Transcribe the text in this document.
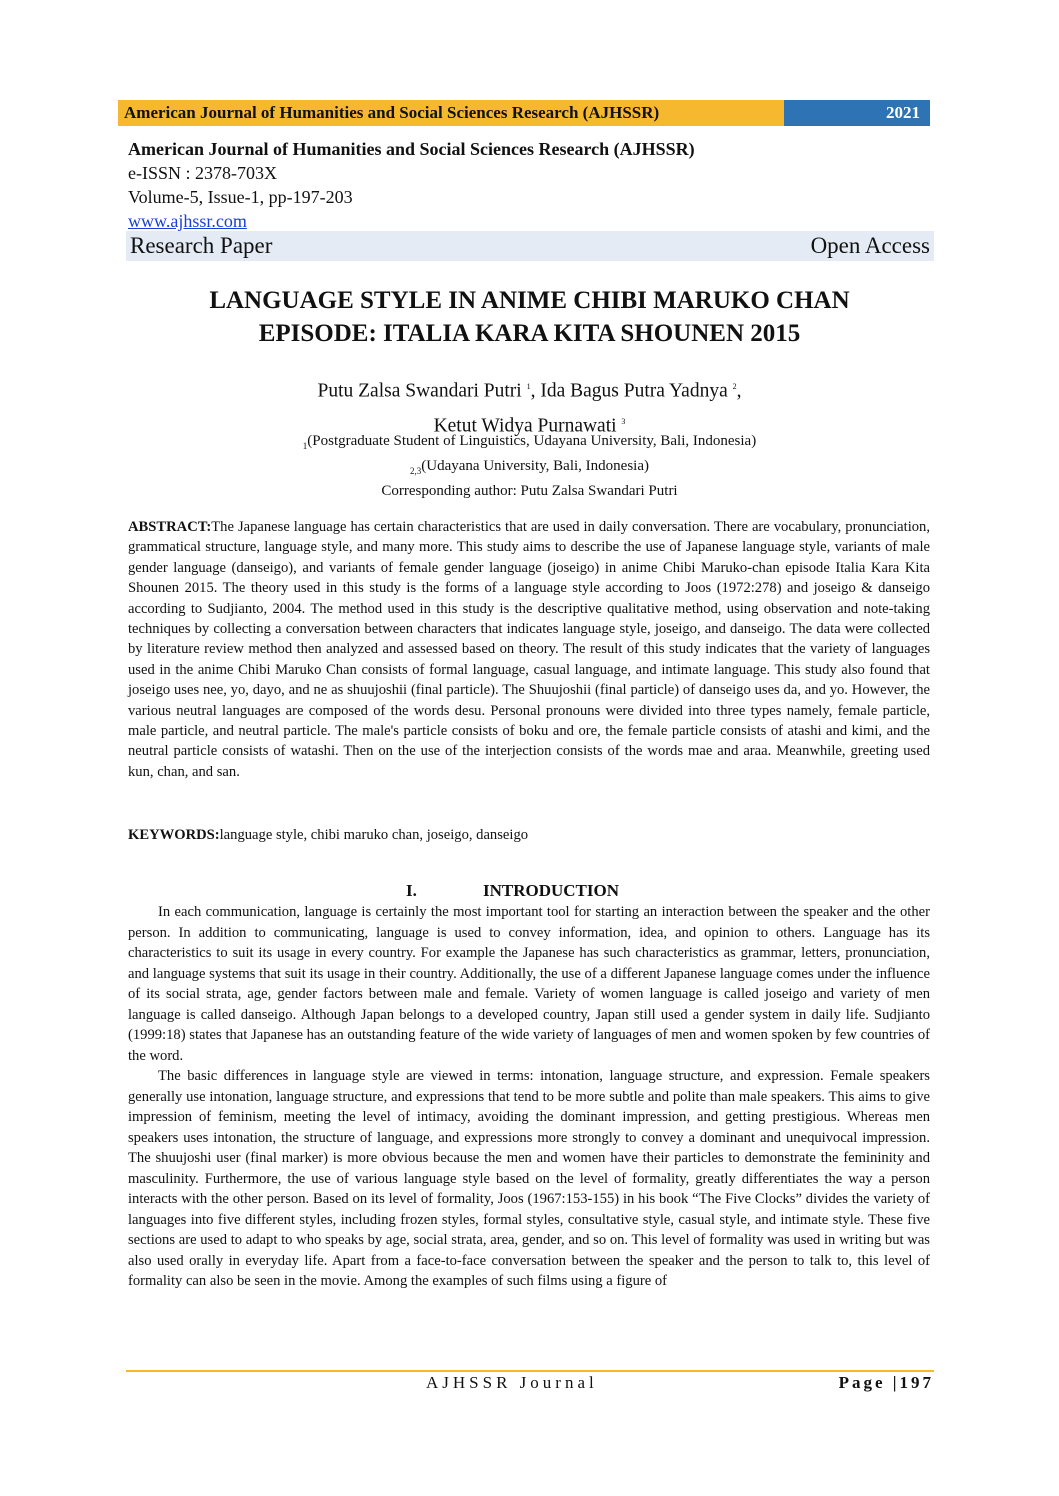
American Journal of Humanities and Social Sciences Research (AJHSSR)	2021
American Journal of Humanities and Social Sciences Research (AJHSSR)
e-ISSN : 2378-703X
Volume-5, Issue-1, pp-197-203
www.ajhssr.com
Research Paper	Open Access
LANGUAGE STYLE IN ANIME CHIBI MARUKO CHAN
EPISODE: ITALIA KARA KITA SHOUNEN 2015
Putu Zalsa Swandari Putri $^1$, Ida Bagus Putra Yadnya $^2$,
Ketut Widya Purnawati $^3$
$_1$(Postgraduate Student of Linguistics, Udayana University, Bali, Indonesia)
$_{2,3}$(Udayana University, Bali, Indonesia)
Corresponding author: Putu Zalsa Swandari Putri
ABSTRACT:The Japanese language has certain characteristics that are used in daily conversation. There are vocabulary, pronunciation, grammatical structure, language style, and many more. This study aims to describe the use of Japanese language style, variants of male gender language (danseigo), and variants of female gender language (joseigo) in anime Chibi Maruko-chan episode Italia Kara Kita Shounen 2015. The theory used in this study is the forms of a language style according to Joos (1972:278) and joseigo & danseigo according to Sudjianto, 2004. The method used in this study is the descriptive qualitative method, using observation and note-taking techniques by collecting a conversation between characters that indicates language style, joseigo, and danseigo. The data were collected by literature review method then analyzed and assessed based on theory. The result of this study indicates that the variety of languages used in the anime Chibi Maruko Chan consists of formal language, casual language, and intimate language. This study also found that joseigo uses nee, yo, dayo, and ne as shuujoshii (final particle). The Shuujoshii (final particle) of danseigo uses da, and yo. However, the various neutral languages are composed of the words desu. Personal pronouns were divided into three types namely, female particle, male particle, and neutral particle. The male's particle consists of boku and ore, the female particle consists of atashi and kimi, and the neutral particle consists of watashi. Then on the use of the interjection consists of the words mae and araa. Meanwhile, greeting used kun, chan, and san.
KEYWORDS:language style, chibi maruko chan, joseigo, danseigo
I.	INTRODUCTION

In each communication, language is certainly the most important tool for starting an interaction between the speaker and the other person. In addition to communicating, language is used to convey information, idea, and opinion to others. Language has its characteristics to suit its usage in every country. For example the Japanese has such characteristics as grammar, letters, pronunciation, and language systems that suit its usage in their country. Additionally, the use of a different Japanese language comes under the influence of its social strata, age, gender factors between male and female. Variety of women language is called joseigo and variety of men language is called danseigo. Although Japan belongs to a developed country, Japan still used a gender system in daily life. Sudjianto (1999:18) states that Japanese has an outstanding feature of the wide variety of languages of men and women spoken by few countries of the word.

The basic differences in language style are viewed in terms: intonation, language structure, and expression. Female speakers generally use intonation, language structure, and expressions that tend to be more subtle and polite than male speakers. This aims to give impression of feminism, meeting the level of intimacy, avoiding the dominant impression, and getting prestigious. Whereas men speakers uses intonation, the structure of language, and expressions more strongly to convey a dominant and unequivocal impression. The shuujoshi user (final marker) is more obvious because the men and women have their particles to demonstrate the femininity and masculinity. Furthermore, the use of various language style based on the level of formality, greatly differentiates the way a person interacts with the other person. Based on its level of formality, Joos (1967:153-155) in his book “The Five Clocks” divides the variety of languages into five different styles, including frozen styles, formal styles, consultative style, casual style, and intimate style. These five sections are used to adapt to who speaks by age, social strata, area, gender, and so on. This level of formality was used in writing but was also used orally in everyday life. Apart from a face-to-face conversation between the speaker and the person to talk to, this level of formality can also be seen in the movie. Among the examples of such films using a figure of

AJHSSR Journal	Page |197
